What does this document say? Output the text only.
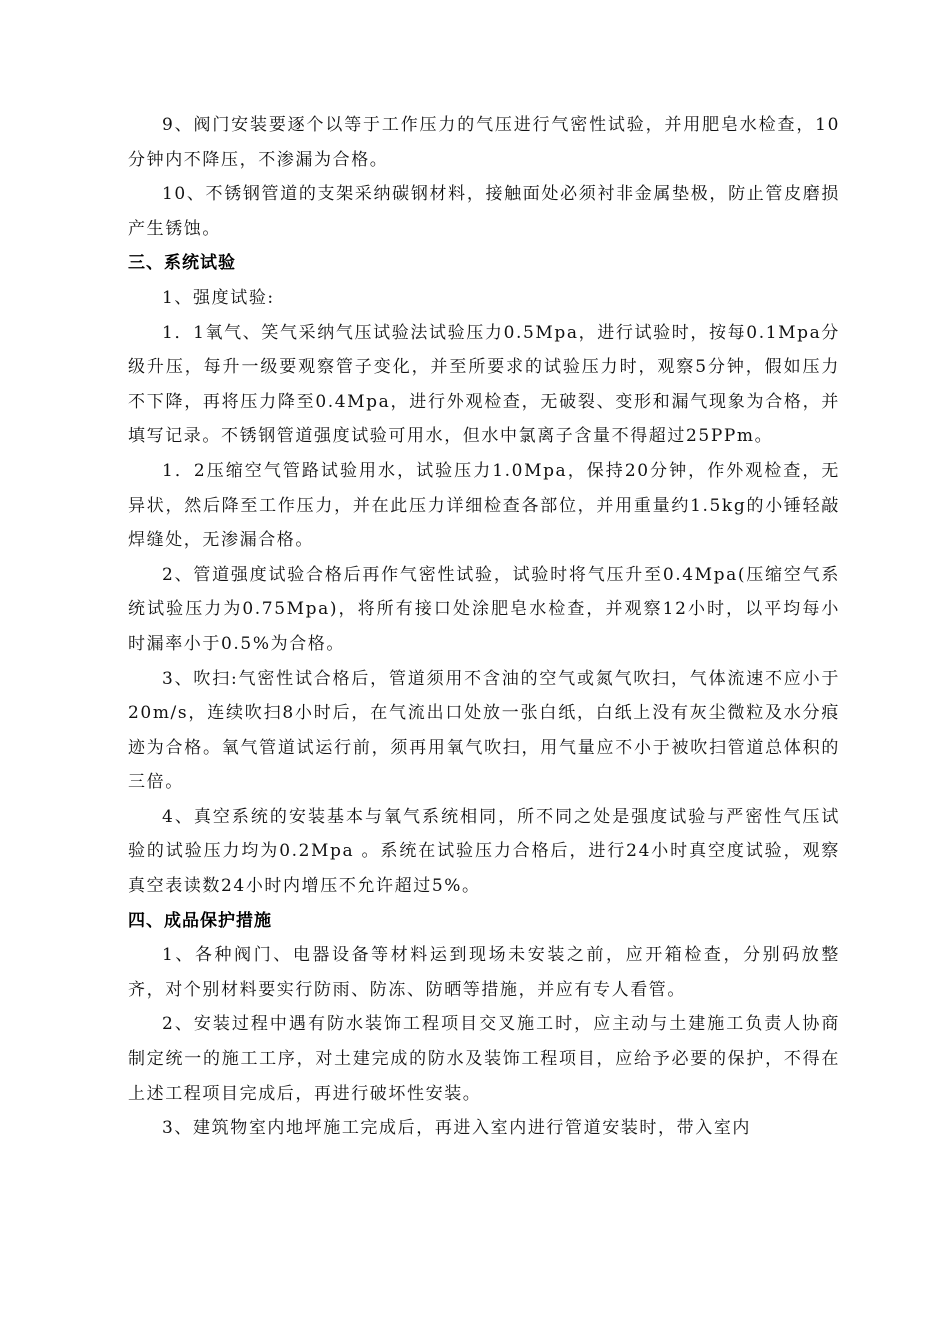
9、阀门安装要逐个以等于工作压力的气压进行气密性试验，并用肥皂水检查，10分钟内不降压，不渗漏为合格。

10、不锈钢管道的支架采纳碳钢材料，接触面处必须衬非金属垫极，防止管皮磨损产生锈蚀。

三、系统试验

1、强度试验:

1．1氧气、笑气采纳气压试验法试验压力0.5Mpa，进行试验时，按每0.1Mpa分级升压，每升一级要观察管子变化，并至所要求的试验压力时，观察5分钟，假如压力不下降，再将压力降至0.4Mpa，进行外观检查，无破裂、变形和漏气现象为合格，并填写记录。不锈钢管道强度试验可用水，但水中氯离子含量不得超过25PPm。

1．2压缩空气管路试验用水，试验压力1.0Mpa，保持20分钟，作外观检查，无异状，然后降至工作压力，并在此压力详细检查各部位，并用重量约1.5kg的小锤轻敲焊缝处，无渗漏合格。

2、管道强度试验合格后再作气密性试验，试验时将气压升至0.4Mpa(压缩空气系统试验压力为0.75Mpa)，将所有接口处涂肥皂水检查，并观察12小时，以平均每小时漏率小于0.5%为合格。

3、吹扫:气密性试合格后，管道须用不含油的空气或氮气吹扫，气体流速不应小于20m/s，连续吹扫8小时后，在气流出口处放一张白纸，白纸上没有灰尘微粒及水分痕迹为合格。氧气管道试运行前，须再用氧气吹扫，用气量应不小于被吹扫管道总体积的三倍。

4、真空系统的安装基本与氧气系统相同，所不同之处是强度试验与严密性气压试验的试验压力均为0.2Mpa 。系统在试验压力合格后，进行24小时真空度试验，观察真空表读数24小时内增压不允许超过5%。

四、成品保护措施

1、各种阀门、电器设备等材料运到现场未安装之前，应开箱检查，分别码放整齐，对个别材料要实行防雨、防冻、防晒等措施，并应有专人看管。

2、安装过程中遇有防水装饰工程项目交叉施工时，应主动与土建施工负责人协商制定统一的施工工序，对土建完成的防水及装饰工程项目，应给予必要的保护，不得在上述工程项目完成后，再进行破坏性安装。

3、建筑物室内地坪施工完成后，再进入室内进行管道安装时，带入室内
